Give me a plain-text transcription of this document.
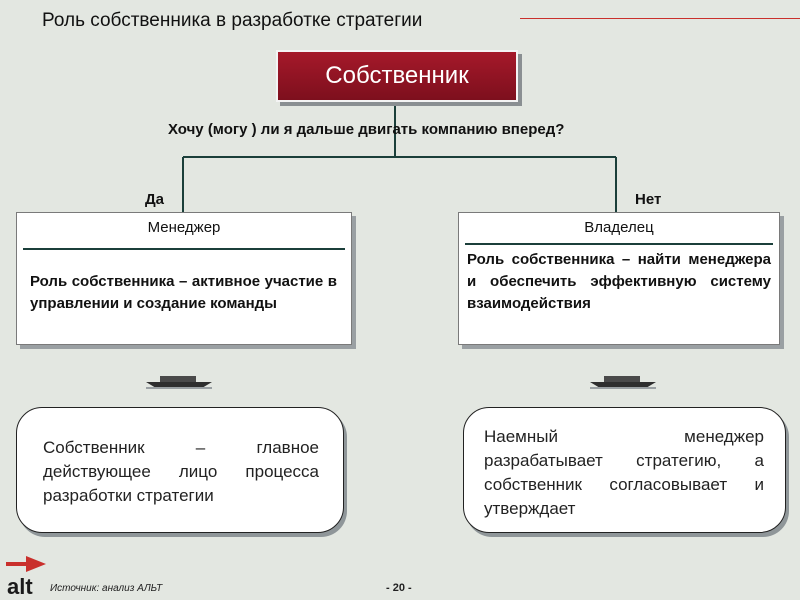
Роль собственника в разработке стратегии
Собственник
Хочу (могу ) ли я дальше двигать компанию вперед?
Да	Нет
Менеджер
Роль собственника – активное участие в управлении и создание команды
Владелец
Роль собственника – найти менеджера и обеспечить эффективную систему взаимодействия
Собственник – главное действующее лицо процесса разработки стратегии
Наемный менеджер разрабатывает стратегию, а собственник согласовывает и утверждает
alt Источник: анализ АЛЬТ	- 20 -
